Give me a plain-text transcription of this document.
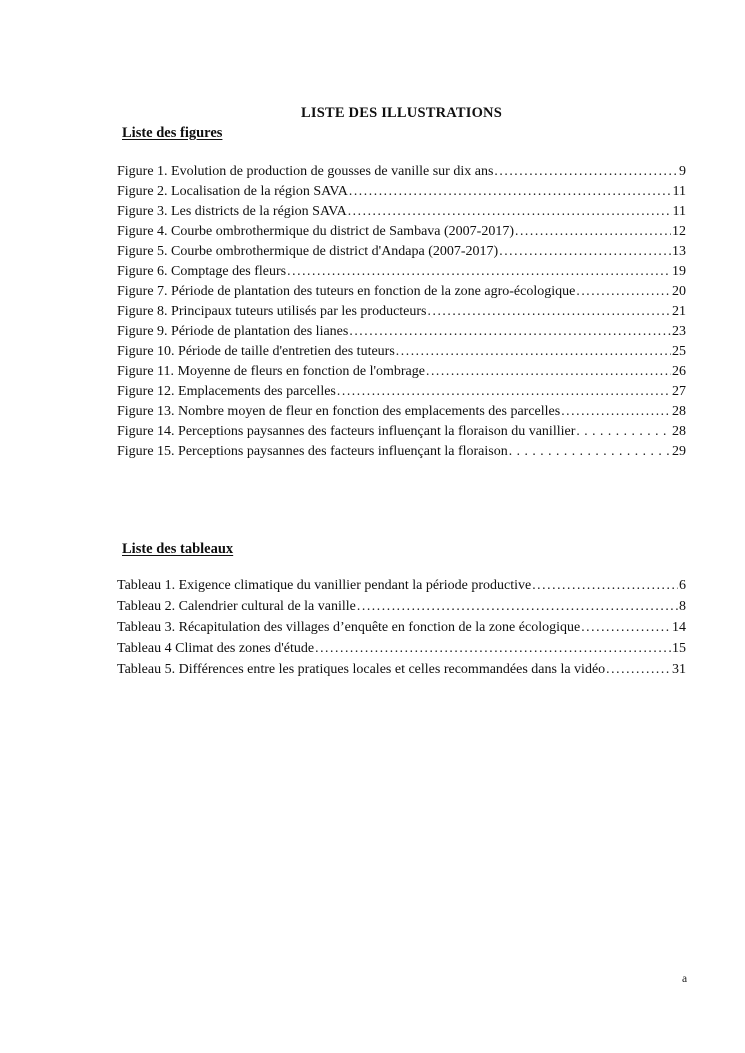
LISTE DES ILLUSTRATIONS
Liste des figures
Figure 1. Evolution de production de gousses de vanille sur dix ans .....	9
Figure 2. Localisation de la région SAVA .....	11
Figure 3. Les districts de la région SAVA .....	11
Figure 4. Courbe ombrothermique du district de Sambava (2007-2017) .....	12
Figure 5. Courbe ombrothermique de district d'Andapa (2007-2017) .....	13
Figure 6. Comptage des fleurs .....	19
Figure 7. Période de plantation des tuteurs en fonction de la zone agro-écologique .....	20
Figure 8. Principaux tuteurs utilisés par les producteurs .....	21
Figure 9. Période de plantation des lianes .....	23
Figure 10. Période de taille d'entretien des tuteurs .....	25
Figure 11. Moyenne de fleurs en fonction de l'ombrage .....	26
Figure 12. Emplacements des parcelles .....	27
Figure 13. Nombre moyen de fleur en fonction des emplacements des parcelles .....	28
Figure 14. Perceptions paysannes des facteurs influençant la floraison du vanillier .....	28
Figure 15. Perceptions paysannes des facteurs influençant la floraison .....	29
Liste des tableaux
Tableau 1. Exigence climatique du vanillier pendant la période productive .....	6
Tableau 2. Calendrier cultural de la vanille .....	8
Tableau 3. Récapitulation des villages d’enquête en fonction de la zone écologique .....	14
Tableau 4 Climat des zones d'étude .....	15
Tableau 5. Différences entre les pratiques locales et celles recommandées dans la vidéo .....	31
a
